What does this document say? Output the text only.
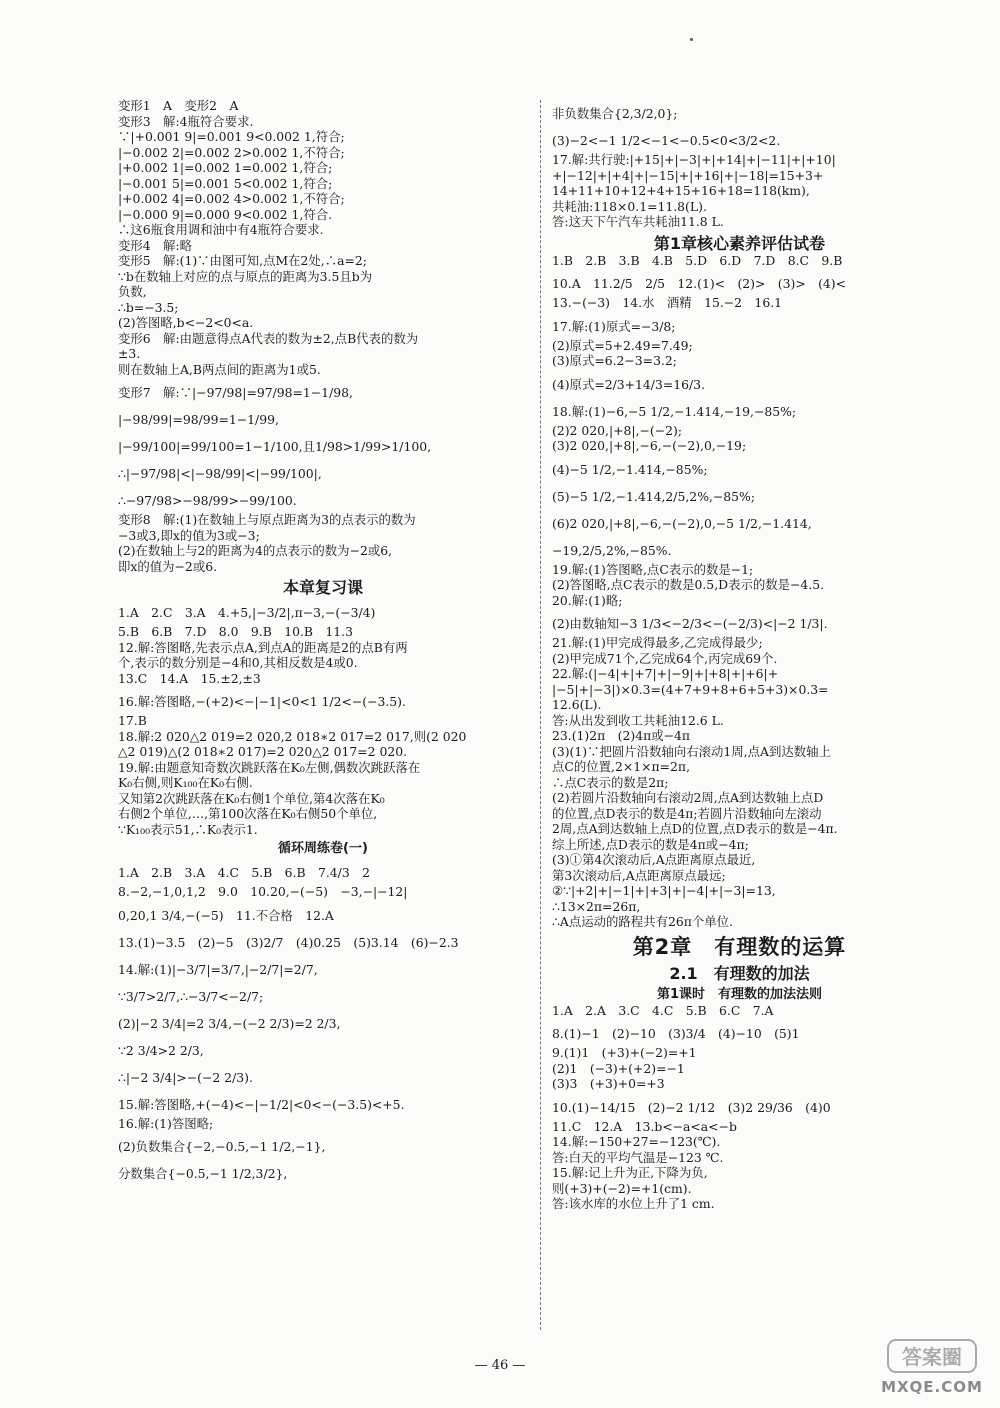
变形1　A　变形2　A
变形3　解:4瓶符合要求.
∵|+0.001 9|=0.001 9<0.002 1,符合;
|−0.002 2|=0.002 2>0.002 1,不符合;
|+0.002 1|=0.002 1=0.002 1,符合;
|−0.001 5|=0.001 5<0.002 1,符合;
|+0.002 4|=0.002 4>0.002 1,不符合;
|−0.000 9|=0.000 9<0.002 1,符合.
∴这6瓶食用调和油中有4瓶符合要求.
变形4　解:略
变形5　解:(1)∵由图可知,点M在2处,∴a=2;
∵b在数轴上对应的点与原点的距离为3.5且b为
负数,
∴b=−3.5;
(2)答图略,b<−2<0<a.
变形6　解:由题意得点A代表的数为±2,点B代表的数为
±3.
则在数轴上A,B两点间的距离为1或5.
变形7　解:∵|−97/98|=97/98=1−1/98,
|−98/99|=98/99=1−1/99,
|−99/100|=99/100=1−1/100,且1/98>1/99>1/100,
∴|−97/98|<|−98/99|<|−99/100|,
∴−97/98>−98/99>−99/100.
变形8　解:(1)在数轴上与原点距离为3的点表示的数为
−3或3,即x的值为3或−3;
(2)在数轴上与2的距离为4的点表示的数为−2或6,
即x的值为−2或6.
本章复习课
1.A　2.C　3.A　4.+5,|−3/2|,π−3,−(−3/4)
5.B　6.B　7.D　8.0　9.B　10.B　11.3
12.解:答图略,先表示点A,到点A的距离是2的点B有两
个,表示的数分别是−4和0,其相反数是4或0.
13.C　14.A　15.±2,±3
16.解:答图略,−(+2)<−|−1|<0<1 1/2<−(−3.5).
17.B
18.解:2 020△2 019=2 020,2 018∗2 017=2 017,则(2 020
△2 019)△(2 018∗2 017)=2 020△2 017=2 020.
19.解:由题意知奇数次跳跃落在K₀左侧,偶数次跳跃落在
K₀右侧,则K₁₀₀在K₀右侧.
又知第2次跳跃落在K₀右侧1个单位,第4次落在K₀
右侧2个单位,…,第100次落在K₀右侧50个单位,
∵K₁₀₀表示51,∴K₀表示1.
循环周练卷(一)
1.A　2.B　3.A　4.C　5.B　6.B　7.4/3　2
8.−2,−1,0,1,2　9.0　10.20,−(−5)　−3,−|−12|
0,20,1 3/4,−(−5)　11.不合格　12.A
13.(1)−3.5　(2)−5　(3)2/7　(4)0.25　(5)3.14　(6)−2.3
14.解:(1)|−3/7|=3/7,|−2/7|=2/7,
∵3/7>2/7,∴−3/7<−2/7;
(2)|−2 3/4|=2 3/4,−(−2 2/3)=2 2/3,
∵2 3/4>2 2/3,
∴|−2 3/4|>−(−2 2/3).
15.解:答图略,+(−4)<−|−1/2|<0<−(−3.5)<+5.
16.解:(1)答图略;
(2)负数集合{−2,−0.5,−1 1/2,−1},
分数集合{−0.5,−1 1/2,3/2},
非负数集合{2,3/2,0};
(3)−2<−1 1/2<−1<−0.5<0<3/2<2.
17.解:共行驶:|+15|+|−3|+|+14|+|−11|+|+10|
+|−12|+|+4|+|−15|+|+16|+|−18|=15+3+
14+11+10+12+4+15+16+18=118(km),
共耗油:118×0.1=11.8(L).
答:这天下午汽车共耗油11.8 L.
第1章核心素养评估试卷
1.B　2.B　3.B　4.B　5.D　6.D　7.D　8.C　9.B
10.A　11.2/5　2/5　12.(1)<　(2)>　(3)>　(4)<
13.−(−3)　14.水　酒精　15.−2　16.1
17.解:(1)原式=−3/8;
(2)原式=5+2.49=7.49;
(3)原式=6.2−3=3.2;
(4)原式=2/3+14/3=16/3.
18.解:(1)−6,−5 1/2,−1.414,−19,−85%;
(2)2 020,|+8|,−(−2);
(3)2 020,|+8|,−6,−(−2),0,−19;
(4)−5 1/2,−1.414,−85%;
(5)−5 1/2,−1.414,2/5,2%,−85%;
(6)2 020,|+8|,−6,−(−2),0,−5 1/2,−1.414,
−19,2/5,2%,−85%.
19.解:(1)答图略,点C表示的数是−1;
(2)答图略,点C表示的数是0.5,D表示的数是−4.5.
20.解:(1)略;
(2)由数轴知−3 1/3<−2/3<−(−2/3)<|−2 1/3|.
21.解:(1)甲完成得最多,乙完成得最少;
(2)甲完成71个,乙完成64个,丙完成69个.
22.解:(|−4|+|+7|+|−9|+|+8|+|+6|+
|−5|+|−3|)×0.3=(4+7+9+8+6+5+3)×0.3=
12.6(L).
答:从出发到收工共耗油12.6 L.
23.(1)2π　(2)4π或−4π
(3)(1)∵把圆片沿数轴向右滚动1周,点A到达数轴上
点C的位置,2×1×π=2π,
∴点C表示的数是2π;
(2)若圆片沿数轴向右滚动2周,点A到达数轴上点D
的位置,点D表示的数是4π;若圆片沿数轴向左滚动
2周,点A到达数轴上点D的位置,点D表示的数是−4π.
综上所述,点D表示的数是4π或−4π;
(3)①第4次滚动后,A点距离原点最近,
第3次滚动后,A点距离原点最远;
②∵|+2|+|−1|+|+3|+|−4|+|−3|=13,
∴13×2π=26π,
∴A点运动的路程共有26π个单位.
第2章　有理数的运算
2.1　有理数的加法
第1课时　有理数的加法法则
1.A　2.A　3.C　4.C　5.B　6.C　7.A
8.(1)−1　(2)−10　(3)3/4　(4)−10　(5)1
9.(1)1　(+3)+(−2)=+1
(2)1　(−3)+(+2)=−1
(3)3　(+3)+0=+3
10.(1)−14/15　(2)−2 1/12　(3)2 29/36　(4)0
11.C　12.A　13.b<−a<a<−b
14.解:−150+27=−123(℃).
答:白天的平均气温是−123 ℃.
15.解:记上升为正,下降为负,
则(+3)+(−2)=+1(cm).
答:该水库的水位上升了1 cm.
— 46 —	答案圈
MXQE.COM
